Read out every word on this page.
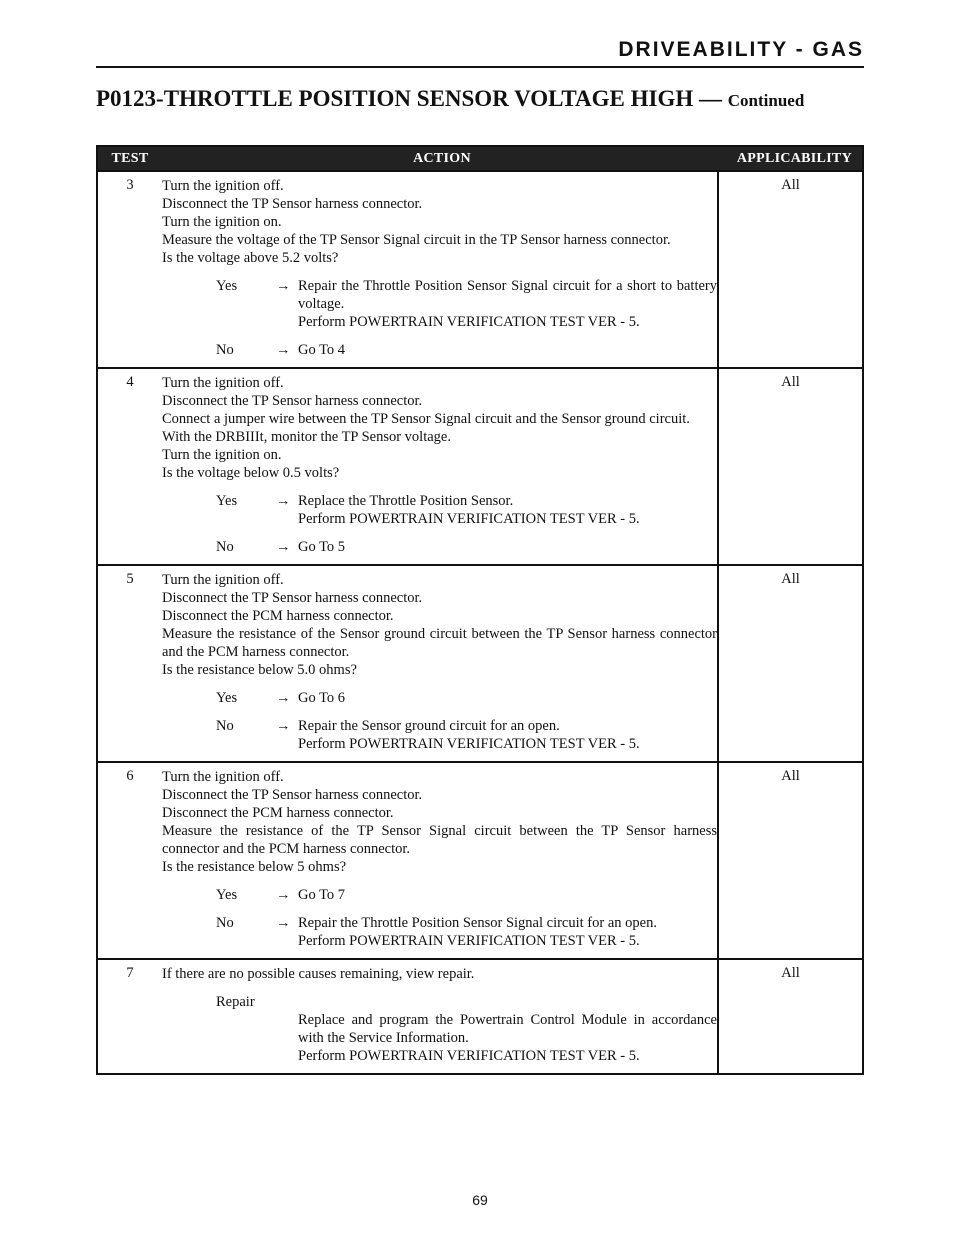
DRIVEABILITY - GAS
P0123-THROTTLE POSITION SENSOR VOLTAGE HIGH — Continued
TEST	ACTION	APPLICABILITY
3	Turn the ignition off.
Disconnect the TP Sensor harness connector.
Turn the ignition on.
Measure the voltage of the TP Sensor Signal circuit in the TP Sensor harness connector.
Is the voltage above 5.2 volts?
Yes	→ Repair the Throttle Position Sensor Signal circuit for a short to battery voltage.
Perform POWERTRAIN VERIFICATION TEST VER - 5.
No	→ Go To 4
All
4	Turn the ignition off.
Disconnect the TP Sensor harness connector.
Connect a jumper wire between the TP Sensor Signal circuit and the Sensor ground circuit.
With the DRBIIIt, monitor the TP Sensor voltage.
Turn the ignition on.
Is the voltage below 0.5 volts?
Yes	→ Replace the Throttle Position Sensor.
Perform POWERTRAIN VERIFICATION TEST VER - 5.
No	→ Go To 5
All
5	Turn the ignition off.
Disconnect the TP Sensor harness connector.
Disconnect the PCM harness connector.
Measure the resistance of the Sensor ground circuit between the TP Sensor harness connector and the PCM harness connector.
Is the resistance below 5.0 ohms?
Yes	→ Go To 6
No	→ Repair the Sensor ground circuit for an open.
Perform POWERTRAIN VERIFICATION TEST VER - 5.
All
6	Turn the ignition off.
Disconnect the TP Sensor harness connector.
Disconnect the PCM harness connector.
Measure the resistance of the TP Sensor Signal circuit between the TP Sensor harness connector and the PCM harness connector.
Is the resistance below 5 ohms?
Yes	→ Go To 7
No	→ Repair the Throttle Position Sensor Signal circuit for an open.
Perform POWERTRAIN VERIFICATION TEST VER - 5.
All
7	If there are no possible causes remaining, view repair.
Repair
Replace and program the Powertrain Control Module in accordance with the Service Information.
Perform POWERTRAIN VERIFICATION TEST VER - 5.
All
69
